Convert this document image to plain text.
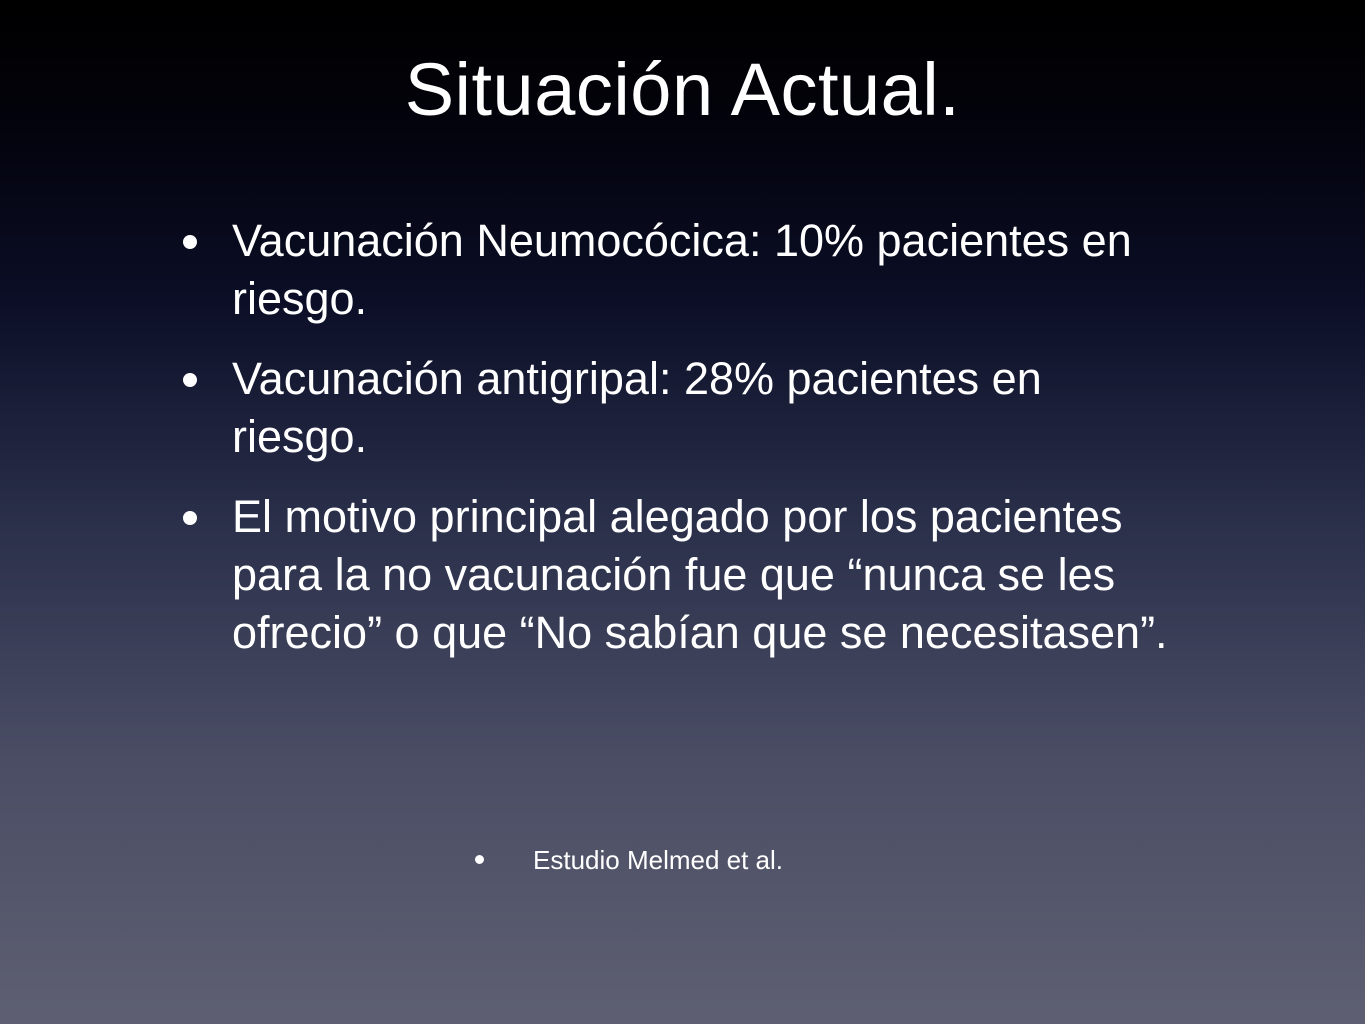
Situación Actual.
Vacunación Neumocócica: 10% pacientes en riesgo.
Vacunación antigripal: 28% pacientes en riesgo.
El motivo principal alegado por los pacientes para la no vacunación fue que “nunca se les ofrecio” o que “No sabían que se necesitasen”.
Estudio Melmed et al.
